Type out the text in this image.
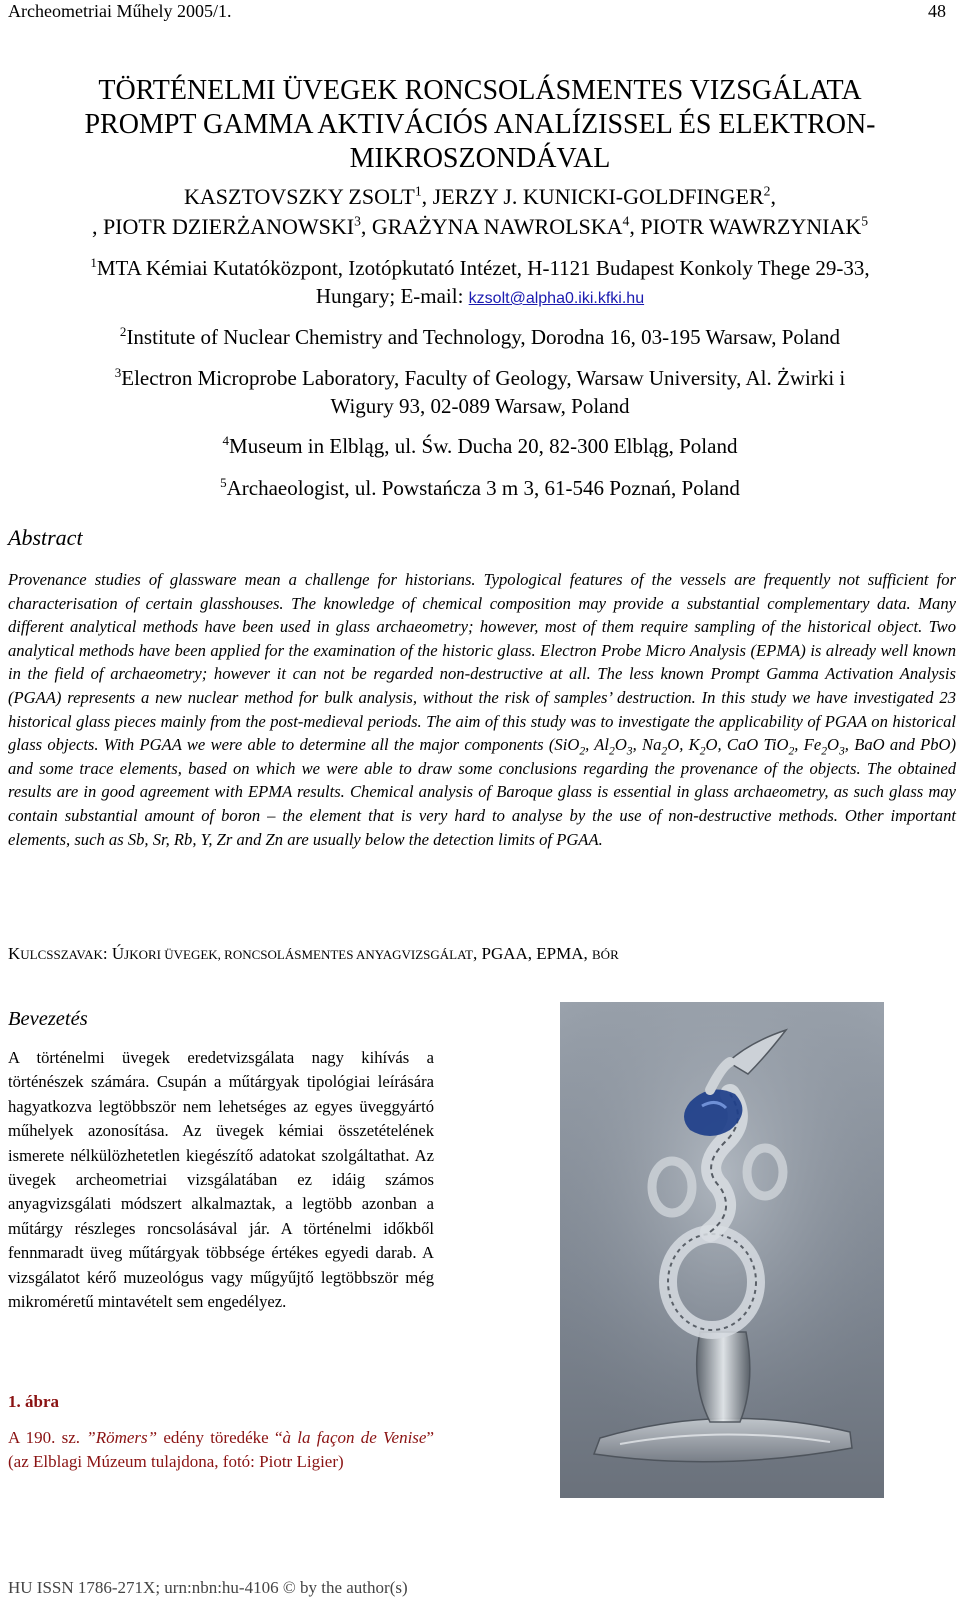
Archeometriai Műhely 2005/1.	48
TÖRTÉNELMI ÜVEGEK RONCSOLÁSMENTES VIZSGÁLATA
PROMPT GAMMA AKTIVÁCIÓS ANALÍZISSEL ÉS ELEKTRON-
MIKROSZONDÁVAL
KASZTOVSZKY ZSOLT$^1$, JERZY J. KUNICKI-GOLDFINGER$^2$,
, PIOTR DZIERŻANOWSKI$^3$, GRAŻYNA NAWROLSKA$^4$, PIOTR WAWRZYNIAK$^5$
$^1$MTA Kémiai Kutatóközpont, Izotópkutató Intézet, H-1121 Budapest Konkoly Thege 29-33,
Hungary; E-mail: kzsolt@alpha0.iki.kfki.hu
$^2$Institute of Nuclear Chemistry and Technology, Dorodna 16, 03-195 Warsaw, Poland
$^3$Electron Microprobe Laboratory, Faculty of Geology, Warsaw University, Al. Żwirki i
Wigury 93, 02-089 Warsaw, Poland
$^4$Museum in Elbląg, ul. Św. Ducha 20, 82-300 Elbląg, Poland
$^5$Archaeologist, ul. Powstańcza 3 m 3, 61-546 Poznań, Poland
Abstract
Provenance studies of glassware mean a challenge for historians. Typological features of the vessels are frequently not sufficient for characterisation of certain glasshouses. The knowledge of chemical composition may provide a substantial complementary data. Many different analytical methods have been used in glass archaeometry; however, most of them require sampling of the historical object. Two analytical methods have been applied for the examination of the historic glass. Electron Probe Micro Analysis (EPMA) is already well known in the field of archaeometry; however it can not be regarded non-destructive at all. The less known Prompt Gamma Activation Analysis (PGAA) represents a new nuclear method for bulk analysis, without the risk of samples’ destruction. In this study we have investigated 23 historical glass pieces mainly from the post-medieval periods. The aim of this study was to investigate the applicability of PGAA on historical glass objects. With PGAA we were able to determine all the major components (SiO$_2$, $Al_2O_3$, $Na_2O$, $K_2O$, CaO TiO$_2$, $Fe_2O_3$, BaO and PbO) and some trace elements, based on which we were able to draw some conclusions regarding the provenance of the objects. The obtained results are in good agreement with EPMA results. Chemical analysis of Baroque glass is essential in glass archaeometry, as such glass may contain substantial amount of boron – the element that is very hard to analyse by the use of non-destructive methods. Other important elements, such as Sb, Sr, Rb, Y, Zr and Zn are usually below the detection limits of PGAA.
KULCSSZAVAK: ÚJKORI ÜVEGEK, RONCSOLÁSMENTES ANYAGVIZSGÁLAT, PGAA, EPMA, BÓR
Bevezetés
A történelmi üvegek eredetvizsgálata nagy kihívás a történészek számára. Csupán a műtárgyak tipológiai leírására hagyatkozva legtöbbször nem lehetséges az egyes üveggyártó műhelyek azonosítása. Az üvegek kémiai összetételének ismerete nélkülözhetetlen kiegészítő adatokat szolgáltathat. Az üvegek archeometriai vizsgálatában ez idáig számos anyagvizsgálati módszert alkalmaztak, a legtöbb azonban a műtárgy részleges roncsolásával jár. A történelmi időkből fennmaradt üveg műtárgyak többsége értékes egyedi darab. A vizsgálatot kérő muzeológus vagy műgyűjtő legtöbbször még mikroméretű mintavételt sem engedélyez.
1. ábra
A 190. sz. ”Römers” edény töredéke “à la façon de Venise” (az Elblagi Múzeum tulajdona, fotó: Piotr Ligier)
HU ISSN 1786-271X; urn:nbn:hu-4106 © by the author(s)
